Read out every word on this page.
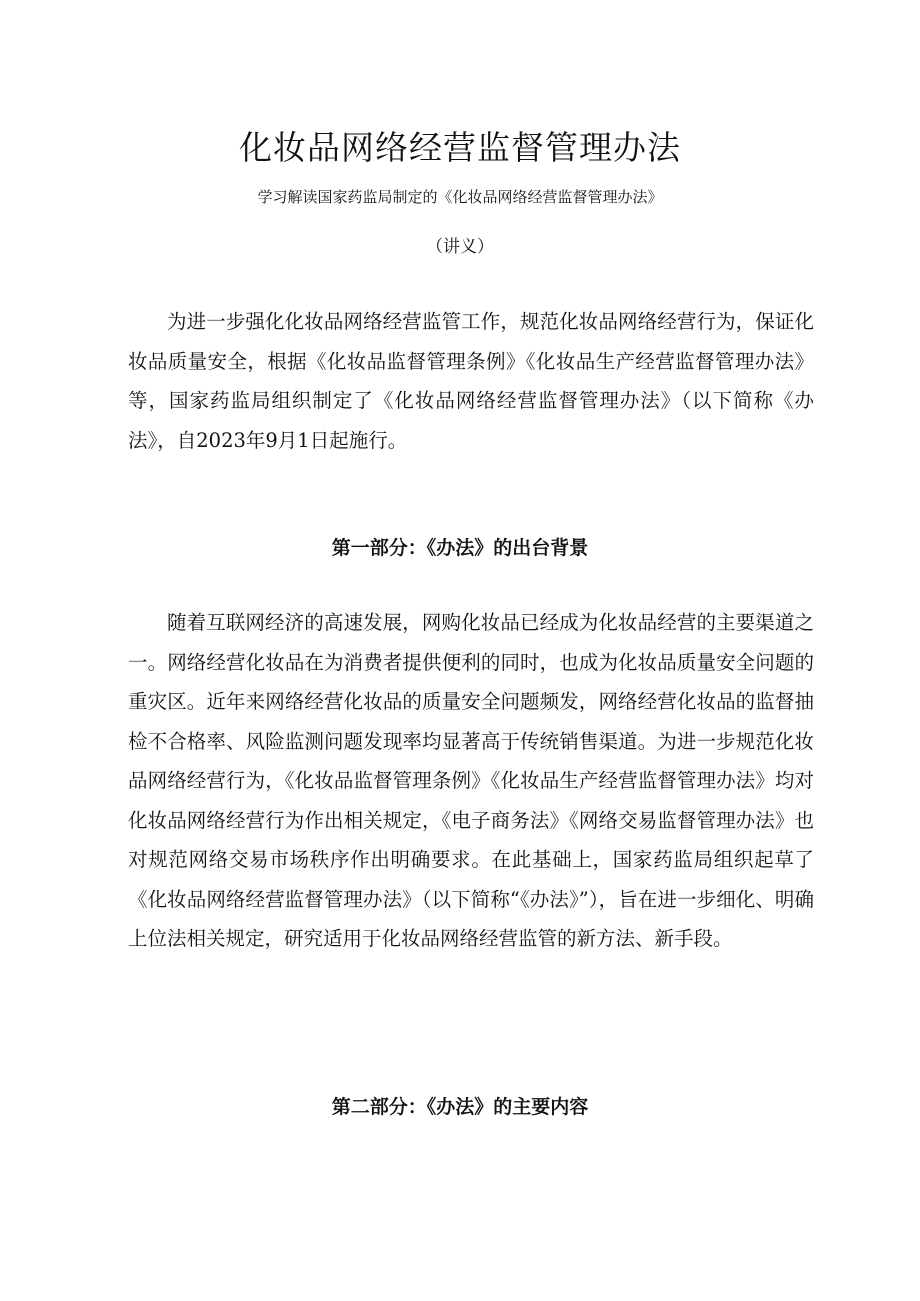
化妆品网络经营监督管理办法
学习解读国家药监局制定的《化妆品网络经营监督管理办法》
（讲义）

为进一步强化化妆品网络经营监管工作，规范化妆品网络经营行为，保证化妆品质量安全，根据《化妆品监督管理条例》《化妆品生产经营监督管理办法》等，国家药监局组织制定了《化妆品网络经营监督管理办法》（以下简称《办法》，自2023年9月1日起施行。

第一部分：《办法》的出台背景

随着互联网经济的高速发展，网购化妆品已经成为化妆品经营的主要渠道之一。网络经营化妆品在为消费者提供便利的同时，也成为化妆品质量安全问题的重灾区。近年来网络经营化妆品的质量安全问题频发，网络经营化妆品的监督抽检不合格率、风险监测问题发现率均显著高于传统销售渠道。为进一步规范化妆品网络经营行为，《化妆品监督管理条例》《化妆品生产经营监督管理办法》均对化妆品网络经营行为作出相关规定，《电子商务法》《网络交易监督管理办法》也对规范网络交易市场秩序作出明确要求。在此基础上，国家药监局组织起草了《化妆品网络经营监督管理办法》（以下简称“《办法》”），旨在进一步细化、明确上位法相关规定，研究适用于化妆品网络经营监管的新方法、新手段。

第二部分：《办法》的主要内容
